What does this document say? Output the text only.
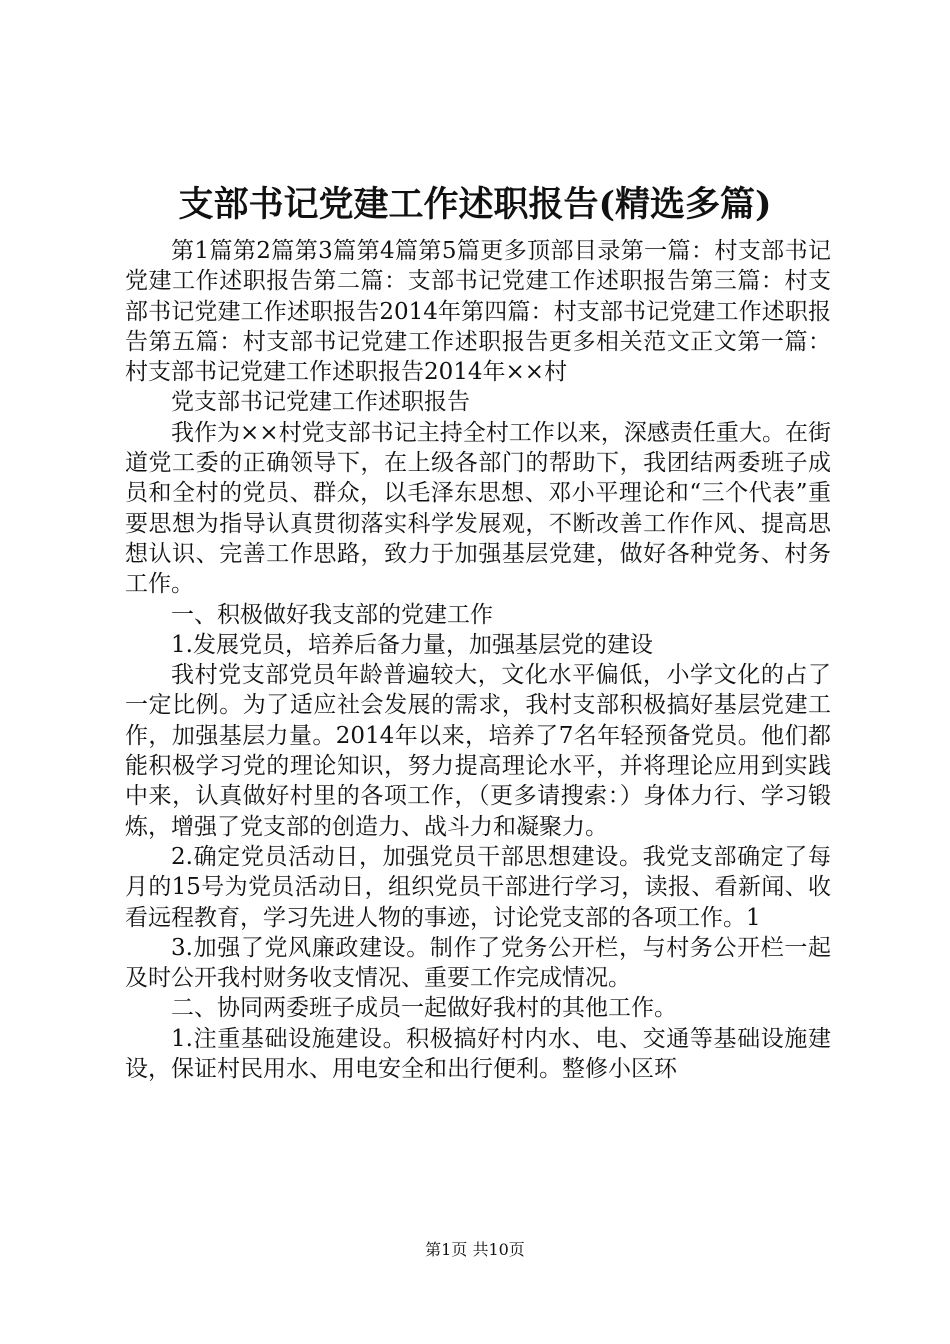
支部书记党建工作述职报告(精选多篇)

第1篇第2篇第3篇第4篇第5篇更多顶部目录第一篇：村支部书记党建工作述职报告第二篇：支部书记党建工作述职报告第三篇：村支部书记党建工作述职报告2014年第四篇：村支部书记党建工作述职报告第五篇：村支部书记党建工作述职报告更多相关范文正文第一篇：村支部书记党建工作述职报告2014年××村

党支部书记党建工作述职报告

我作为××村党支部书记主持全村工作以来，深感责任重大。在街道党工委的正确领导下，在上级各部门的帮助下，我团结两委班子成员和全村的党员、群众，以毛泽东思想、邓小平理论和“三个代表”重要思想为指导认真贯彻落实科学发展观，不断改善工作作风、提高思想认识、完善工作思路，致力于加强基层党建，做好各种党务、村务工作。

一、积极做好我支部的党建工作

1.发展党员，培养后备力量，加强基层党的建设

我村党支部党员年龄普遍较大，文化水平偏低，小学文化的占了一定比例。为了适应社会发展的需求，我村支部积极搞好基层党建工作，加强基层力量。2014年以来，培养了7名年轻预备党员。他们都能积极学习党的理论知识，努力提高理论水平，并将理论应用到实践中来，认真做好村里的各项工作，（更多请搜索：）身体力行、学习锻炼，增强了党支部的创造力、战斗力和凝聚力。

2.确定党员活动日，加强党员干部思想建设。我党支部确定了每月的15号为党员活动日，组织党员干部进行学习，读报、看新闻、收看远程教育，学习先进人物的事迹，讨论党支部的各项工作。1

3.加强了党风廉政建设。制作了党务公开栏，与村务公开栏一起及时公开我村财务收支情况、重要工作完成情况。

二、协同两委班子成员一起做好我村的其他工作。

1.注重基础设施建设。积极搞好村内水、电、交通等基础设施建设，保证村民用水、用电安全和出行便利。整修小区环

第1页 共10页
